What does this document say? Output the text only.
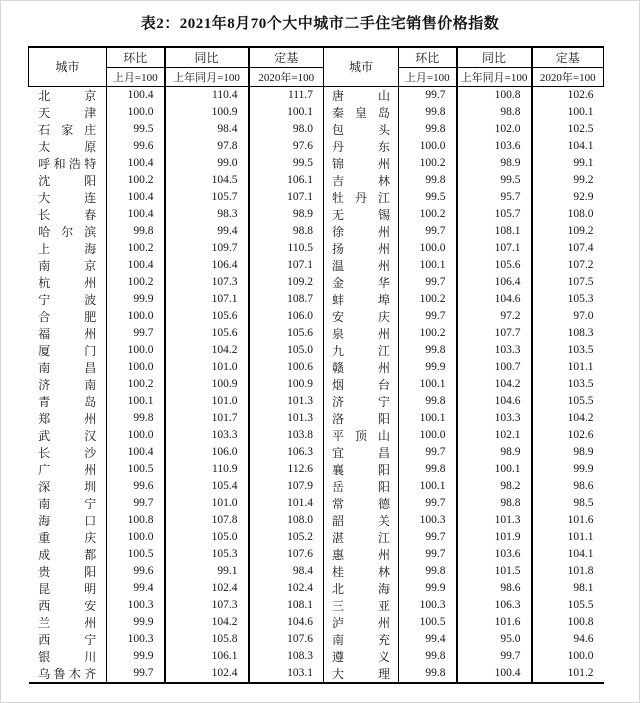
表2：2021年8月70个大中城市二手住宅销售价格指数
城市	环比	同比	定基	城市	环比	同比	定基
	上月=100	上年同月=100	2020年=100		上月=100	上年同月=100	2020年=100
北京	100.4	110.4	111.7	唐山	99.7	100.8	102.6
天津	100.0	100.9	100.1	秦皇岛	99.8	98.8	100.1
石家庄	99.5	98.4	98.0	包头	99.8	102.0	102.5
太原	99.6	97.8	97.6	丹东	100.0	103.6	104.1
呼和浩特	100.4	99.0	99.5	锦州	100.2	98.9	99.1
沈阳	100.2	104.5	106.1	吉林	99.8	99.5	99.2
大连	100.4	105.7	107.1	牡丹江	99.5	95.7	92.9
长春	100.4	98.3	98.9	无锡	100.2	105.7	108.0
哈尔滨	99.8	99.4	98.8	徐州	99.7	108.1	109.2
上海	100.2	109.7	110.5	扬州	100.0	107.1	107.4
南京	100.4	106.4	107.1	温州	100.1	105.6	107.2
杭州	100.2	107.3	109.2	金华	99.7	106.4	107.5
宁波	99.9	107.1	108.7	蚌埠	100.2	104.6	105.3
合肥	100.0	105.6	106.0	安庆	99.7	97.2	97.0
福州	99.7	105.6	105.6	泉州	100.2	107.7	108.3
厦门	100.0	104.2	105.0	九江	99.8	103.3	103.5
南昌	100.0	101.0	100.6	赣州	99.9	100.7	101.1
济南	100.2	100.9	100.9	烟台	100.1	104.2	103.5
青岛	100.1	101.0	101.3	济宁	99.8	104.6	105.5
郑州	99.8	101.7	101.3	洛阳	100.1	103.3	104.2
武汉	100.0	103.3	103.8	平顶山	100.0	102.1	102.6
长沙	100.4	106.0	106.3	宜昌	99.7	98.9	98.9
广州	100.5	110.9	112.6	襄阳	99.8	100.1	99.9
深圳	99.6	105.4	107.9	岳阳	100.1	98.2	98.6
南宁	99.7	101.0	101.4	常德	99.7	98.8	98.5
海口	100.8	107.8	108.0	韶关	100.3	101.3	101.6
重庆	100.0	105.0	105.2	湛江	99.7	101.9	101.1
成都	100.5	105.3	107.6	惠州	99.7	103.6	104.1
贵阳	99.6	99.1	98.4	桂林	99.8	101.5	101.8
昆明	99.4	102.4	102.4	北海	99.9	98.6	98.1
西安	100.3	107.3	108.1	三亚	100.3	106.3	105.5
兰州	99.9	104.2	104.6	泸州	100.5	101.6	100.8
西宁	100.3	105.8	107.6	南充	99.4	95.0	94.6
银川	99.9	106.1	108.3	遵义	99.8	99.7	100.0
乌鲁木齐	99.7	102.4	103.1	大理	99.8	100.4	101.2
